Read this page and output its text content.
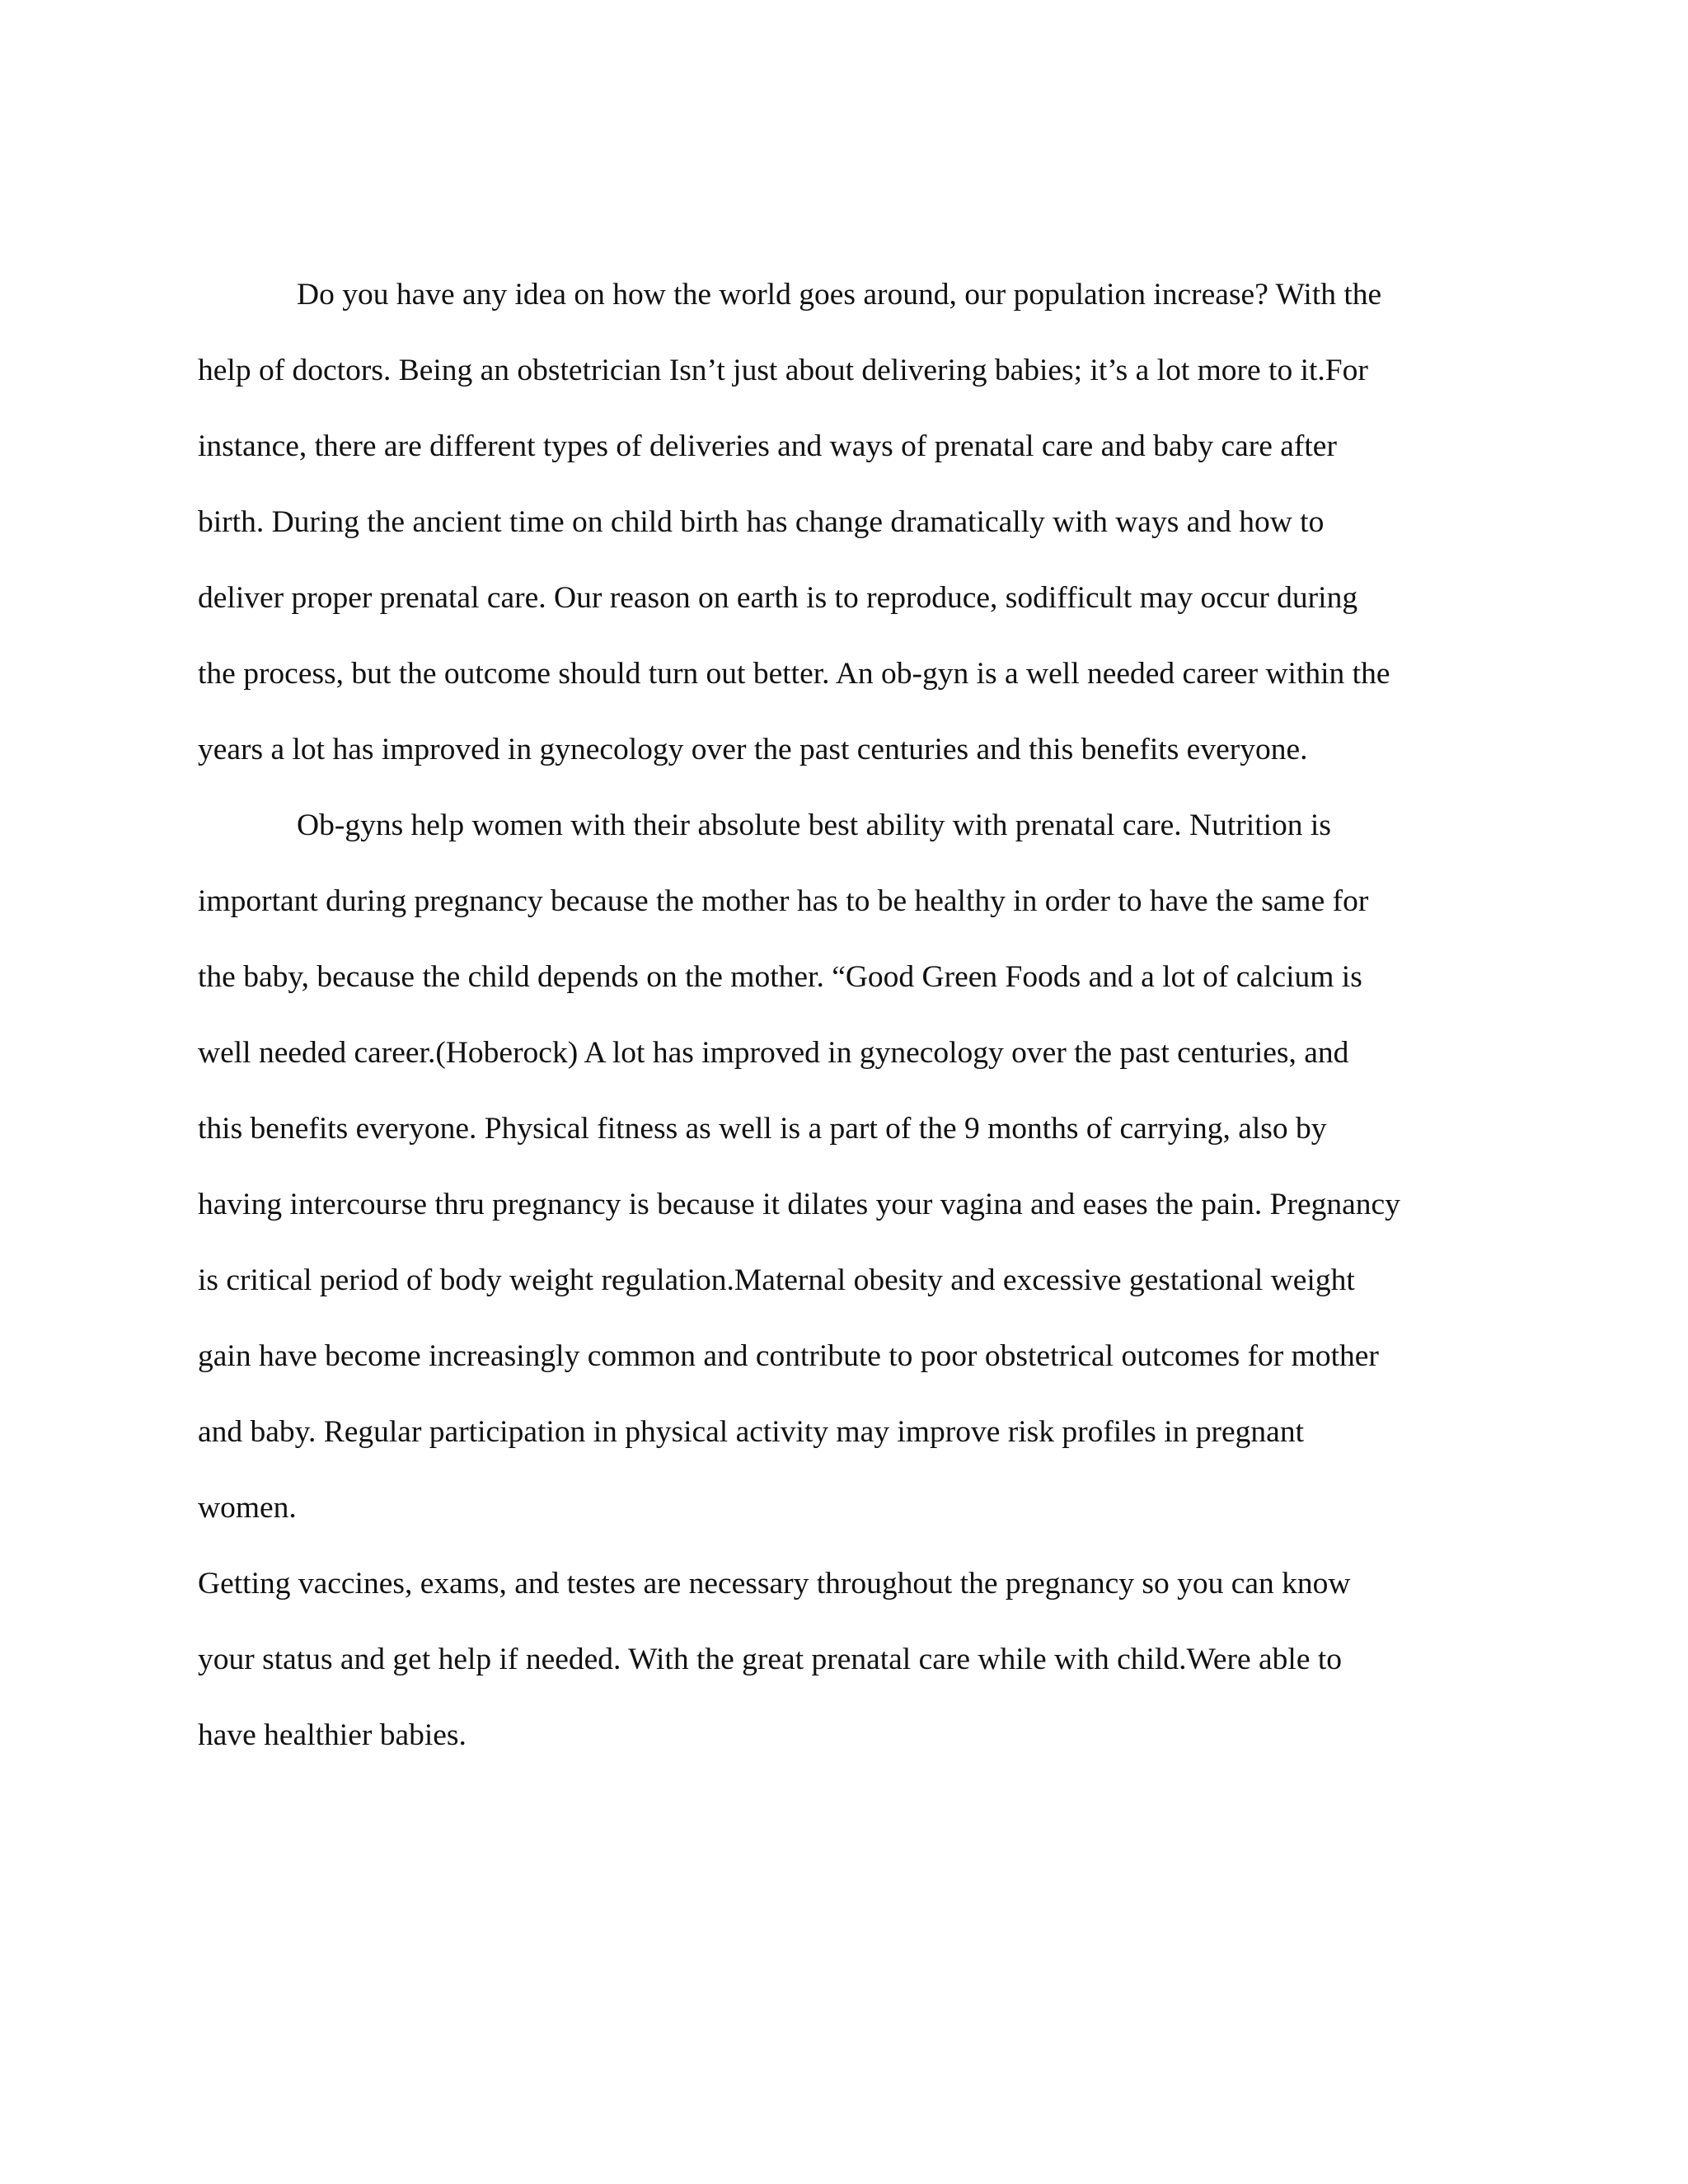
Do you have any idea on how the world goes around, our population increase? With the
help of doctors. Being an obstetrician Isn’t just about delivering babies; it’s a lot more to it.For
instance, there are different types of deliveries and ways of prenatal care and baby care after
birth. During the ancient time on child birth has change dramatically with ways and how to
deliver proper prenatal care. Our reason on earth is to reproduce, sodifficult may occur during
the process, but the outcome should turn out better. An ob-gyn is a well needed career within the
years a lot has improved in gynecology over the past centuries and this benefits everyone.
Ob-gyns help women with their absolute best ability with prenatal care. Nutrition is
important during pregnancy because the mother has to be healthy in order to have the same for
the baby, because the child depends on the mother. “Good Green Foods and a lot of calcium is
well needed career.(Hoberock) A lot has improved in gynecology over the past centuries, and
this benefits everyone. Physical fitness as well is a part of the 9 months of carrying, also by
having intercourse thru pregnancy is because it dilates your vagina and eases the pain. Pregnancy
is critical period of body weight regulation.Maternal obesity and excessive gestational weight
gain have become increasingly common and contribute to poor obstetrical outcomes for mother
and baby. Regular participation in physical activity may improve risk profiles in pregnant
women.
Getting vaccines, exams, and testes are necessary throughout the pregnancy so you can know
your status and get help if needed. With the great prenatal care while with child.Were able to
have healthier babies.
